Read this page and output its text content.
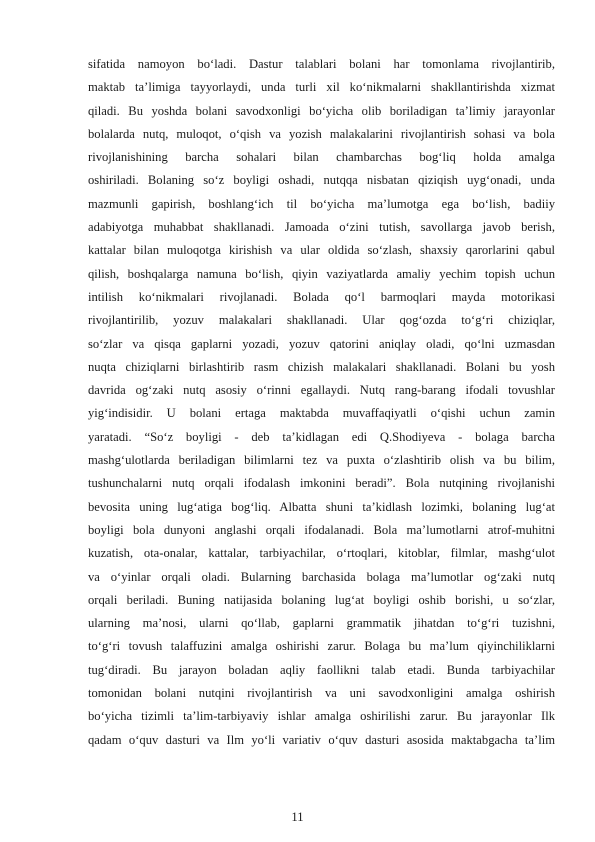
sifatida namoyon bo‘ladi. Dastur talablari bolani har tomonlama rivojlantirib,
maktab ta’limiga tayyorlaydi, unda turli xil ko‘nikmalarni shakllantirishda xizmat
qiladi. Bu yoshda bolani savodxonligi bo‘yicha olib boriladigan ta’limiy jarayonlar
bolalarda nutq, muloqot, o‘qish va yozish malakalarini rivojlantirish sohasi va bola
rivojlanishining barcha sohalari bilan chambarchas bog‘liq holda amalga
oshiriladi. Bolaning so‘z boyligi oshadi, nutqqa nisbatan qiziqish uyg‘onadi, unda
mazmunli gapirish, boshlang‘ich til bo‘yicha ma’lumotga ega bo‘lish, badiiy
adabiyotga muhabbat shakllanadi. Jamoada o‘zini tutish, savollarga javob berish,
kattalar bilan muloqotga kirishish va ular oldida so‘zlash, shaxsiy qarorlarini qabul
qilish, boshqalarga namuna bo‘lish, qiyin vaziyatlarda amaliy yechim topish uchun
intilish ko‘nikmalari rivojlanadi. Bolada qo‘l barmoqlari mayda motorikasi
rivojlantirilib, yozuv malakalari shakllanadi. Ular qog‘ozda to‘g‘ri chiziqlar,
so‘zlar va qisqa gaplarni yozadi, yozuv qatorini aniqlay oladi, qo‘lni uzmasdan
nuqta chiziqlarni birlashtirib rasm chizish malakalari shakllanadi. Bolani bu yosh
davrida og‘zaki nutq asosiy o‘rinni egallaydi. Nutq rang-barang ifodali tovushlar
yig‘indisidir. U bolani ertaga maktabda muvaffaqiyatli o‘qishi uchun zamin
yaratadi. “So‘z boyligi - deb ta’kidlagan edi Q.Shodiyeva - bolaga barcha
mashg‘ulotlarda beriladigan bilimlarni tez va puxta o‘zlashtirib olish va bu bilim,
tushunchalarni nutq orqali ifodalash imkonini beradi”. Bola nutqining rivojlanishi
bevosita uning lug‘atiga bog‘liq. Albatta shuni ta’kidlash lozimki, bolaning lug‘at
boyligi bola dunyoni anglashi orqali ifodalanadi. Bola ma’lumotlarni atrof-muhitni
kuzatish, ota-onalar, kattalar, tarbiyachilar, o‘rtoqlari, kitoblar, filmlar, mashg‘ulot
va o‘yinlar orqali oladi. Bularning barchasida bolaga ma’lumotlar og‘zaki nutq
orqali beriladi. Buning natijasida bolaning lug‘at boyligi oshib borishi, u so‘zlar,
ularning ma’nosi, ularni qo‘llab, gaplarni grammatik jihatdan to‘g‘ri tuzishni,
to‘g‘ri tovush talaffuzini amalga oshirishi zarur. Bolaga bu ma’lum qiyinchiliklarni
tug‘diradi. Bu jarayon boladan aqliy faollikni talab etadi. Bunda tarbiyachilar
tomonidan bolani nutqini rivojlantirish va uni savodxonligini amalga oshirish
bo‘yicha tizimli ta’lim-tarbiyaviy ishlar amalga oshirilishi zarur. Bu jarayonlar Ilk
qadam o‘quv dasturi va Ilm yo‘li variativ o‘quv dasturi asosida maktabgacha ta’lim
11
